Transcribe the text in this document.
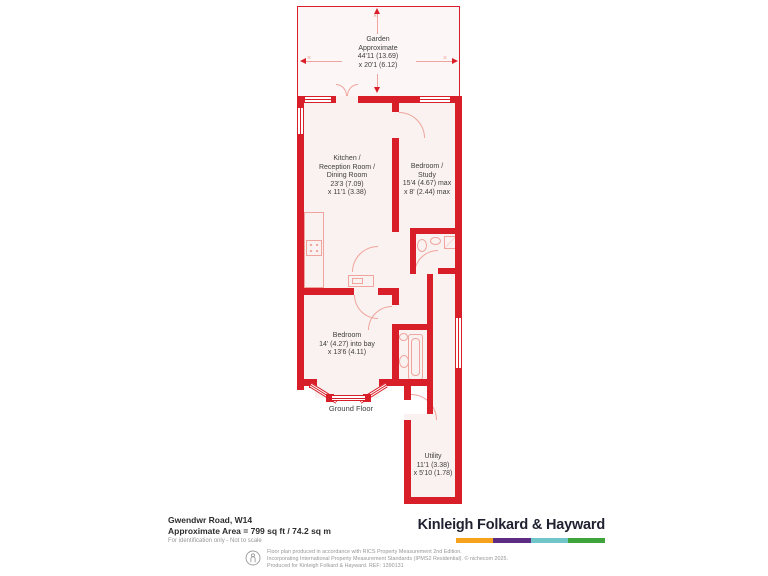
×
×	×
Garden
Approximate
44'11 (13.69)
x 20'1 (6.12)
Kitchen /
Reception Room /
Dining Room
23'3 (7.09)
x 11'1 (3.38)
Bedroom /
Study
15'4 (4.67) max
x 8' (2.44) max
Bedroom
14' (4.27) into bay
x 13'6 (4.11)
Utility
11'1 (3.38)
x 5'10 (1.78)
Ground Floor
Gwendwr Road, W14
Approximate Area = 799 sq ft / 74.2 sq m
For identification only - Not to scale
Kinleigh Folkard & Hayward
Floor plan produced in accordance with RICS Property Measurement 2nd Edition.
Incorporating International Property Measurement Standards (IPMS2 Residential). © nichecom 2025.
Produced for Kinleigh Folkard & Hayward. REF: 1390131
